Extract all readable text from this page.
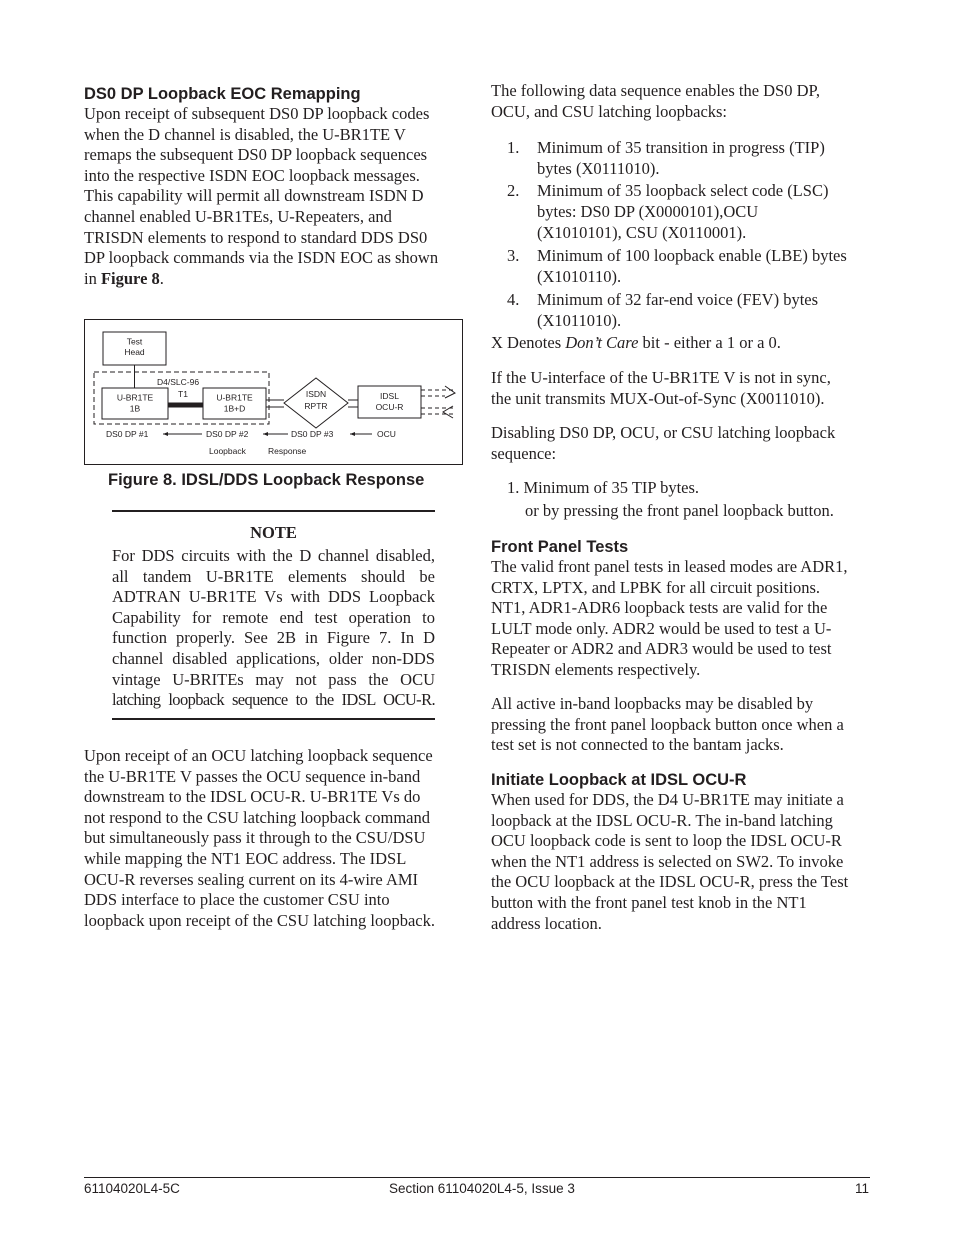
DS0 DP Loopback EOC Remapping
Upon receipt of subsequent DS0 DP loopback codes
when the D channel is disabled, the U-BR1TE V
remaps the subsequent DS0 DP loopback sequences
into the respective ISDN EOC loopback messages.
This capability will permit all downstream ISDN D
channel enabled U-BR1TEs, U-Repeaters, and
TRISDN elements to respond to standard DDS DS0
DP loopback commands via the ISDN EOC as shown
in Figure 8.
Test
Head
D4/SLC-96
U-BR1TE
1B
T1	U-BR1TE
1B+D
ISDN
RPTR
IDSL
OCU-R
DS0 DP #1	DS0 DP #2	DS0 DP #3	OCU
Loopback	Response
Figure 8. IDSL/DDS Loopback Response
NOTE
For DDS circuits with the D channel disabled,
all tandem U-BR1TE elements should be
ADTRAN U-BR1TE Vs with DDS Loopback
Capability for remote end test operation to
function properly. See 2B in Figure 7. In D
channel disabled applications, older non-DDS
vintage U-BRITEs may not pass the OCU
latching loopback sequence to the IDSL OCU-R.
Upon receipt of an OCU latching loopback sequence
the U-BR1TE V passes the OCU sequence in-band
downstream to the IDSL OCU-R. U-BR1TE Vs do
not respond to the CSU latching loopback command
but simultaneously pass it through to the CSU/DSU
while mapping the NT1 EOC address. The IDSL
OCU-R reverses sealing current on its 4-wire AMI
DDS interface to place the customer CSU into
loopback upon receipt of the CSU latching loopback.
The following data sequence enables the DS0 DP,
OCU, and CSU latching loopbacks:
1. Minimum of 35 transition in progress (TIP)
bytes (X0111010).
2. Minimum of 35 loopback select code (LSC)
bytes: DS0 DP (X0000101),OCU
(X1010101), CSU (X0110001).
3. Minimum of 100 loopback enable (LBE) bytes
(X1010110).
4. Minimum of 32 far-end voice (FEV) bytes
(X1011010).
X Denotes Don’t Care bit - either a 1 or a 0.
If the U-interface of the U-BR1TE V is not in sync,
the unit transmits MUX-Out-of-Sync (X0011010).
Disabling DS0 DP, OCU, or CSU latching loopback
sequence:
1. Minimum of 35 TIP bytes.
or by pressing the front panel loopback button.
Front Panel Tests
The valid front panel tests in leased modes are ADR1,
CRTX, LPTX, and LPBK for all circuit positions.
NT1, ADR1-ADR6 loopback tests are valid for the
LULT mode only. ADR2 would be used to test a U-
Repeater or ADR2 and ADR3 would be used to test
TRISDN elements respectively.
All active in-band loopbacks may be disabled by
pressing the front panel loopback button once when a
test set is not connected to the bantam jacks.
Initiate Loopback at IDSL OCU-R
When used for DDS, the D4 U-BR1TE may initiate a
loopback at the IDSL OCU-R. The in-band latching
OCU loopback code is sent to loop the IDSL OCU-R
when the NT1 address is selected on SW2. To invoke
the OCU loopback at the IDSL OCU-R, press the Test
button with the front panel test knob in the NT1
address location.
61104020L4-5C	Section 61104020L4-5, Issue 3	11
